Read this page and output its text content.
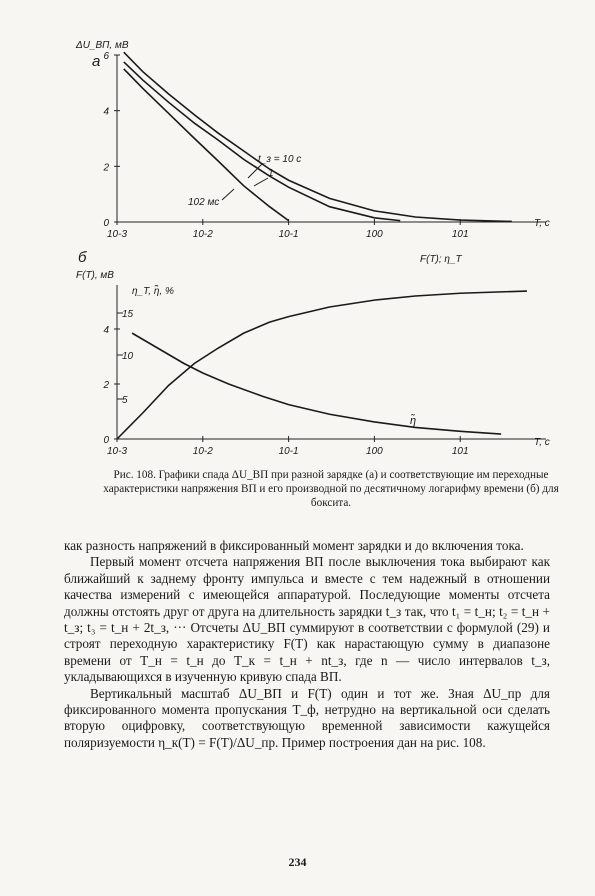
а
ΔU_ВП, мВ
T, c
0
2
4
6
10-3	10-2	10-1	100	101
б
F(T), мВ
T, c
0
2
4
10-3	10-2	10-1	100	101
t_з = 10 с
1
102 мс
η_T, η̃, %
5
10
15
F(T); η_T
η̃
Рис. 108. Графики спада ΔU_ВП при разной зарядке (а) и соответствующие им переходные характеристики напряжения ВП и его производной по десятичному логарифму времени (б) для боксита.

как разность напряжений в фиксированный момент зарядки и до включения тока.

Первый момент отсчета напряжения ВП после выключения тока выбирают как ближайший к заднему фронту импульса и вместе с тем надежный в отношении качества измерений с имеющейся аппаратурой. Последующие моменты отсчета должны отстоять друг от друга на длительность зарядки t_з так, что t₁ = t_н; t₂ = t_н + t_з; t₃ = t_н + 2t_з, ··· Отсчеты ΔU_ВП суммируют в соответствии с формулой (29) и строят переходную характеристику F(T) как нарастающую сумму в диапазоне времени от T_н = t_н до T_к = t_н + nt_з, где n — число интервалов t_з, укладывающихся в изученную кривую спада ВП.

Вертикальный масштаб ΔU_ВП и F(T) один и тот же. Зная ΔU_пр для фиксированного момента пропускания T_ф, нетрудно на вертикальной оси сделать вторую оцифровку, соответствующую временной зависимости кажущейся поляризуемости η_к(T) = F(T)/ΔU_пр. Пример построения дан на рис. 108.

234
